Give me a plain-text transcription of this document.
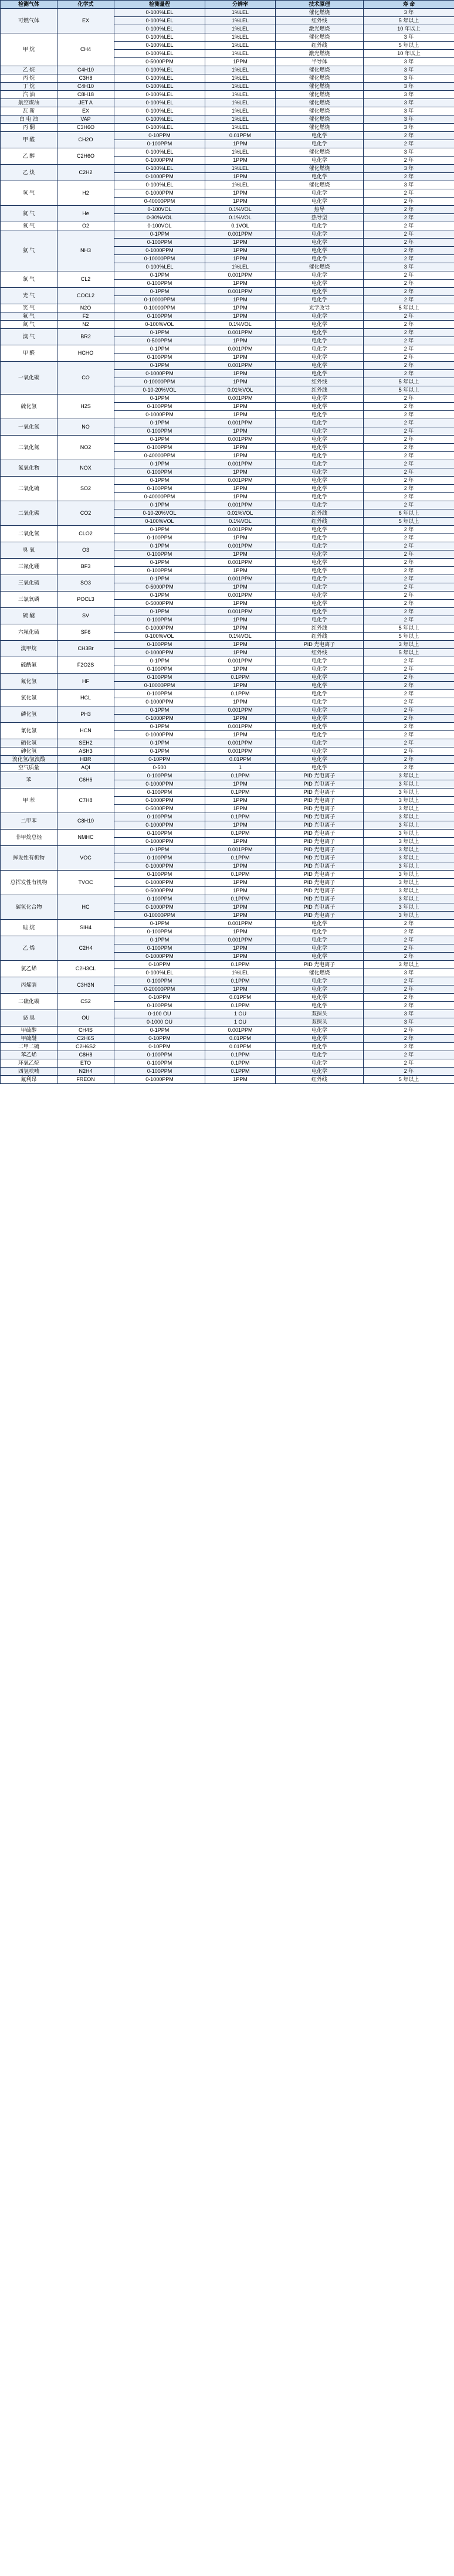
检测气体	化学式	检测量程	分辨率	技术原理	寿 命
可燃气体	EX	0-100%LEL	1%LEL	催化燃烧	3 年
		0-100%LEL	1%LEL	红外线	5 年以上
		0-100%LEL	1%LEL	激光燃烧	10 年以上
甲 烷	CH4	0-100%LEL	1%LEL	催化燃烧	3 年
		0-100%LEL	1%LEL	红外线	5 年以上
		0-100%LEL	1%LEL	激光燃烧	10 年以上
		0-5000PPM	1PPM	半导体	3 年
乙 烷	C4H10	0-100%LEL	1%LEL	催化燃烧	3 年
丙 烷	C3H8	0-100%LEL	1%LEL	催化燃烧	3 年
丁 烷	C4H10	0-100%LEL	1%LEL	催化燃烧	3 年
汽 油	C8H18	0-100%LEL	1%LEL	催化燃烧	3 年
航空煤油	JET A	0-100%LEL	1%LEL	催化燃烧	3 年
瓦 斯	EX	0-100%LEL	1%LEL	催化燃烧	3 年
白 电 油	VAP	0-100%LEL	1%LEL	催化燃烧	3 年
丙 酮	C3H6O	0-100%LEL	1%LEL	催化燃烧	3 年
甲 醛	CH2O	0-10PPM	0.01PPM	电化学	2 年
		0-100PPM	1PPM	电化学	2 年
乙 醇	C2H6O	0-100%LEL	1%LEL	催化燃烧	3 年
		0-1000PPM	1PPM	电化学	2 年
乙 炔	C2H2	0-100%LEL	1%LEL	催化燃烧	3 年
		0-1000PPM	1PPM	电化学	2 年
氢 气	H2	0-100%LEL	1%LEL	催化燃烧	3 年
		0-1000PPM	1PPM	电化学	2 年
		0-40000PPM	1PPM	电化学	2 年
氦 气	He	0-100VOL	0.1%VOL	热导	2 年
		0-30%VOL	0.1%VOL	热导型	2 年
氧 气	O2	0-100VOL	0.1VOL	电化学	2 年
氨 气	NH3	0-1PPM	0.001PPM	电化学	2 年
		0-100PPM	1PPM	电化学	2 年
		0-1000PPM	1PPM	电化学	2 年
		0-10000PPM	1PPM	电化学	2 年
		0-100%LEL	1%LEL	催化燃烧	3 年
氯 气	CL2	0-1PPM	0.001PPM	电化学	2 年
		0-100PPM	1PPM	电化学	2 年
光 气	COCL2	0-1PPM	0.001PPM	电化学	2 年
		0-10000PPM	1PPM	电化学	2 年
笑 气	N2O	0-10000PPM	1PPM	光学改导	5 年以上
氟 气	F2	0-100PPM	1PPM	电化学	2 年
氮 气	N2	0-100%VOL	0.1%VOL	电化学	2 年
溴 气	BR2	0-1PPM	0.001PPM	电化学	2 年
		0-500PPM	1PPM	电化学	2 年
甲 醛	HCHO	0-1PPM	0.001PPM	电化学	2 年
		0-100PPM	1PPM	电化学	2 年
一氧化碳	CO	0-1PPM	0.001PPM	电化学	2 年
		0-1000PPM	1PPM	电化学	2 年
		0-10000PPM	1PPM	红外线	5 年以上
		0-10-20%VOL	0.01%VOL	红外线	5 年以上
硫化氢	H2S	0-1PPM	0.001PPM	电化学	2 年
		0-100PPM	1PPM	电化学	2 年
		0-1000PPM	1PPM	电化学	2 年
一氧化氮	NO	0-1PPM	0.001PPM	电化学	2 年
		0-100PPM	1PPM	电化学	2 年
二氧化氮	NO2	0-1PPM	0.001PPM	电化学	2 年
		0-100PPM	1PPM	电化学	2 年
		0-40000PPM	1PPM	电化学	2 年
氮氧化物	NOX	0-1PPM	0.001PPM	电化学	2 年
		0-100PPM	1PPM	电化学	2 年
二氧化硫	SO2	0-1PPM	0.001PPM	电化学	2 年
		0-100PPM	1PPM	电化学	2 年
		0-40000PPM	1PPM	电化学	2 年
二氧化碳	CO2	0-1PPM	0.001PPM	电化学	2 年
		0-10-20%VOL	0.01%VOL	红外线	6 年以上
		0-100%VOL	0.1%VOL	红外线	5 年以上
二氧化氯	CLO2	0-1PPM	0.001PPM	电化学	2 年
		0-100PPM	1PPM	电化学	2 年
臭 氧	O3	0-1PPM	0.001PPM	电化学	2 年
		0-100PPM	1PPM	电化学	2 年
三氟化硼	BF3	0-1PPM	0.001PPM	电化学	2 年
		0-100PPM	1PPM	电化学	2 年
三氧化硫	SO3	0-1PPM	0.001PPM	电化学	2 年
		0-5000PPM	1PPM	电化学	2 年
三氯氧磷	POCL3	0-1PPM	0.001PPM	电化学	2 年
		0-5000PPM	1PPM	电化学	2 年
硫 醚	SV	0-1PPM	0.001PPM	电化学	2 年
		0-100PPM	1PPM	电化学	2 年
六氟化硫	SF6	0-1000PPM	1PPM	红外线	5 年以上
		0-100%VOL	0.1%VOL	红外线	5 年以上
溴甲烷	CH3Br	0-100PPM	1PPM	PID 光电离子	3 年以上
		0-1000PPM	1PPM	红外线	5 年以上
硫酰氟	F2O2S	0-1PPM	0.001PPM	电化学	2 年
		0-100PPM	1PPM	电化学	2 年
氟化氢	HF	0-100PPM	0.1PPM	电化学	2 年
		0-10000PPM	1PPM	电化学	2 年
氯化氢	HCL	0-100PPM	0.1PPM	电化学	2 年
		0-1000PPM	1PPM	电化学	2 年
磷化氢	PH3	0-1PPM	0.001PPM	电化学	2 年
		0-1000PPM	1PPM	电化学	2 年
氰化氢	HCN	0-1PPM	0.001PPM	电化学	2 年
		0-1000PPM	1PPM	电化学	2 年
硒化氢	SEH2	0-1PPM	0.001PPM	电化学	2 年
砷化氢	ASH3	0-1PPM	0.001PPM	电化学	2 年
溴化氢/氢溴酸	HBR	0-10PPM	0.01PPM	电化学	2 年
空气质量	AQI	0-500	1	电化学	2 年
苯	C6H6	0-100PPM	0.1PPM	PID 光电离子	3 年以上
		0-1000PPM	1PPM	PID 光电离子	3 年以上
甲 苯	C7H8	0-100PPM	0.1PPM	PID 光电离子	3 年以上
		0-1000PPM	1PPM	PID 光电离子	3 年以上
		0-5000PPM	1PPM	PID 光电离子	3 年以上
二甲苯	C8H10	0-100PPM	0.1PPM	PID 光电离子	3 年以上
		0-1000PPM	1PPM	PID 光电离子	3 年以上
非甲烷总烃	NMHC	0-100PPM	0.1PPM	PID 光电离子	3 年以上
		0-1000PPM	1PPM	PID 光电离子	3 年以上
挥发性有机物	VOC	0-1PPM	0.001PPM	PID 光电离子	3 年以上
		0-100PPM	0.1PPM	PID 光电离子	3 年以上
		0-1000PPM	1PPM	PID 光电离子	3 年以上
总挥发性有机物	TVOC	0-100PPM	0.1PPM	PID 光电离子	3 年以上
		0-1000PPM	1PPM	PID 光电离子	3 年以上
		0-5000PPM	1PPM	PID 光电离子	3 年以上
碳氢化合物	HC	0-100PPM	0.1PPM	PID 光电离子	3 年以上
		0-1000PPM	1PPM	PID 光电离子	3 年以上
		0-10000PPM	1PPM	PID 光电离子	3 年以上
硅 烷	SIH4	0-1PPM	0.001PPM	电化学	2 年
		0-100PPM	1PPM	电化学	2 年
乙 烯	C2H4	0-1PPM	0.001PPM	电化学	2 年
		0-100PPM	1PPM	电化学	2 年
		0-1000PPM	1PPM	电化学	2 年
氯乙烯	C2H3CL	0-10PPM	0.1PPM	PID 光电离子	3 年以上
		0-100%LEL	1%LEL	催化燃烧	3 年
丙烯腈	C3H3N	0-100PPM	0.1PPM	电化学	2 年
		0-20000PPM	1PPM	电化学	2 年
二硫化碳	CS2	0-10PPM	0.01PPM	电化学	2 年
		0-100PPM	0.1PPM	电化学	2 年
恶 臭	OU	0-100 OU	1 OU	双探头	3 年
		0-1000 OU	1 OU	双探头	3 年
甲硫醇	CH4S	0-1PPM	0.001PPM	电化学	2 年
甲硫醚	C2H6S	0-10PPM	0.01PPM	电化学	2 年
二甲二硫	C2H6S2	0-10PPM	0.01PPM	电化学	2 年
苯乙烯	C8H8	0-100PPM	0.1PPM	电化学	2 年
环氧乙烷	ETO	0-100PPM	0.1PPM	电化学	2 年
四氢呋喃	N2H4	0-100PPM	0.1PPM	电化学	2 年
氟利昂	FREON	0-1000PPM	1PPM	红外线	5 年以上
